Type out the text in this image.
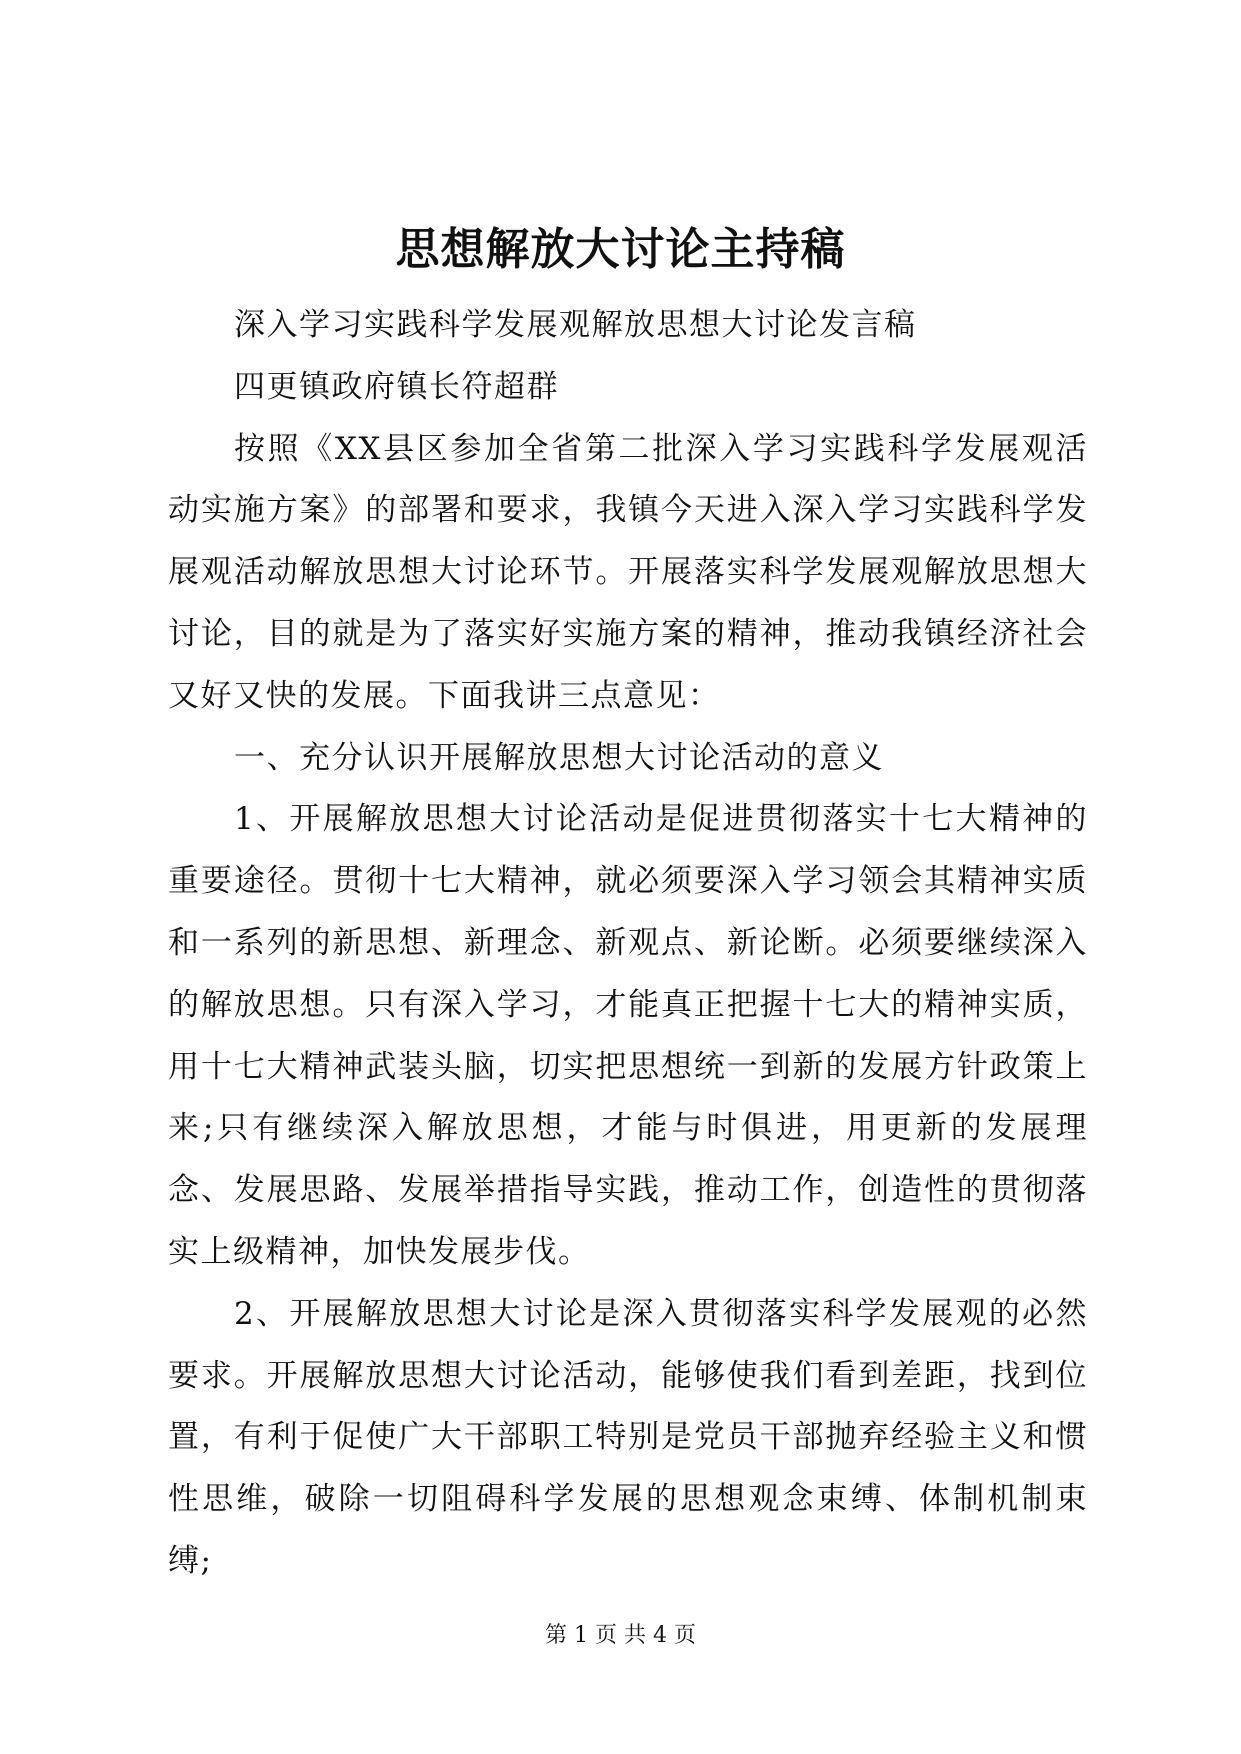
思想解放大讨论主持稿

深入学习实践科学发展观解放思想大讨论发言稿

四更镇政府镇长符超群

按照《XX县区参加全省第二批深入学习实践科学发展观活动实施方案》的部署和要求，我镇今天进入深入学习实践科学发展观活动解放思想大讨论环节。开展落实科学发展观解放思想大讨论，目的就是为了落实好实施方案的精神，推动我镇经济社会又好又快的发展。下面我讲三点意见：

一、充分认识开展解放思想大讨论活动的意义

1、开展解放思想大讨论活动是促进贯彻落实十七大精神的重要途径。贯彻十七大精神，就必须要深入学习领会其精神实质和一系列的新思想、新理念、新观点、新论断。必须要继续深入的解放思想。只有深入学习，才能真正把握十七大的精神实质，用十七大精神武装头脑，切实把思想统一到新的发展方针政策上来;只有继续深入解放思想，才能与时俱进，用更新的发展理念、发展思路、发展举措指导实践，推动工作，创造性的贯彻落实上级精神，加快发展步伐。

2、开展解放思想大讨论是深入贯彻落实科学发展观的必然要求。开展解放思想大讨论活动，能够使我们看到差距，找到位置，有利于促使广大干部职工特别是党员干部抛弃经验主义和惯性思维，破除一切阻碍科学发展的思想观念束缚、体制机制束缚;

第 1 页 共 4 页
